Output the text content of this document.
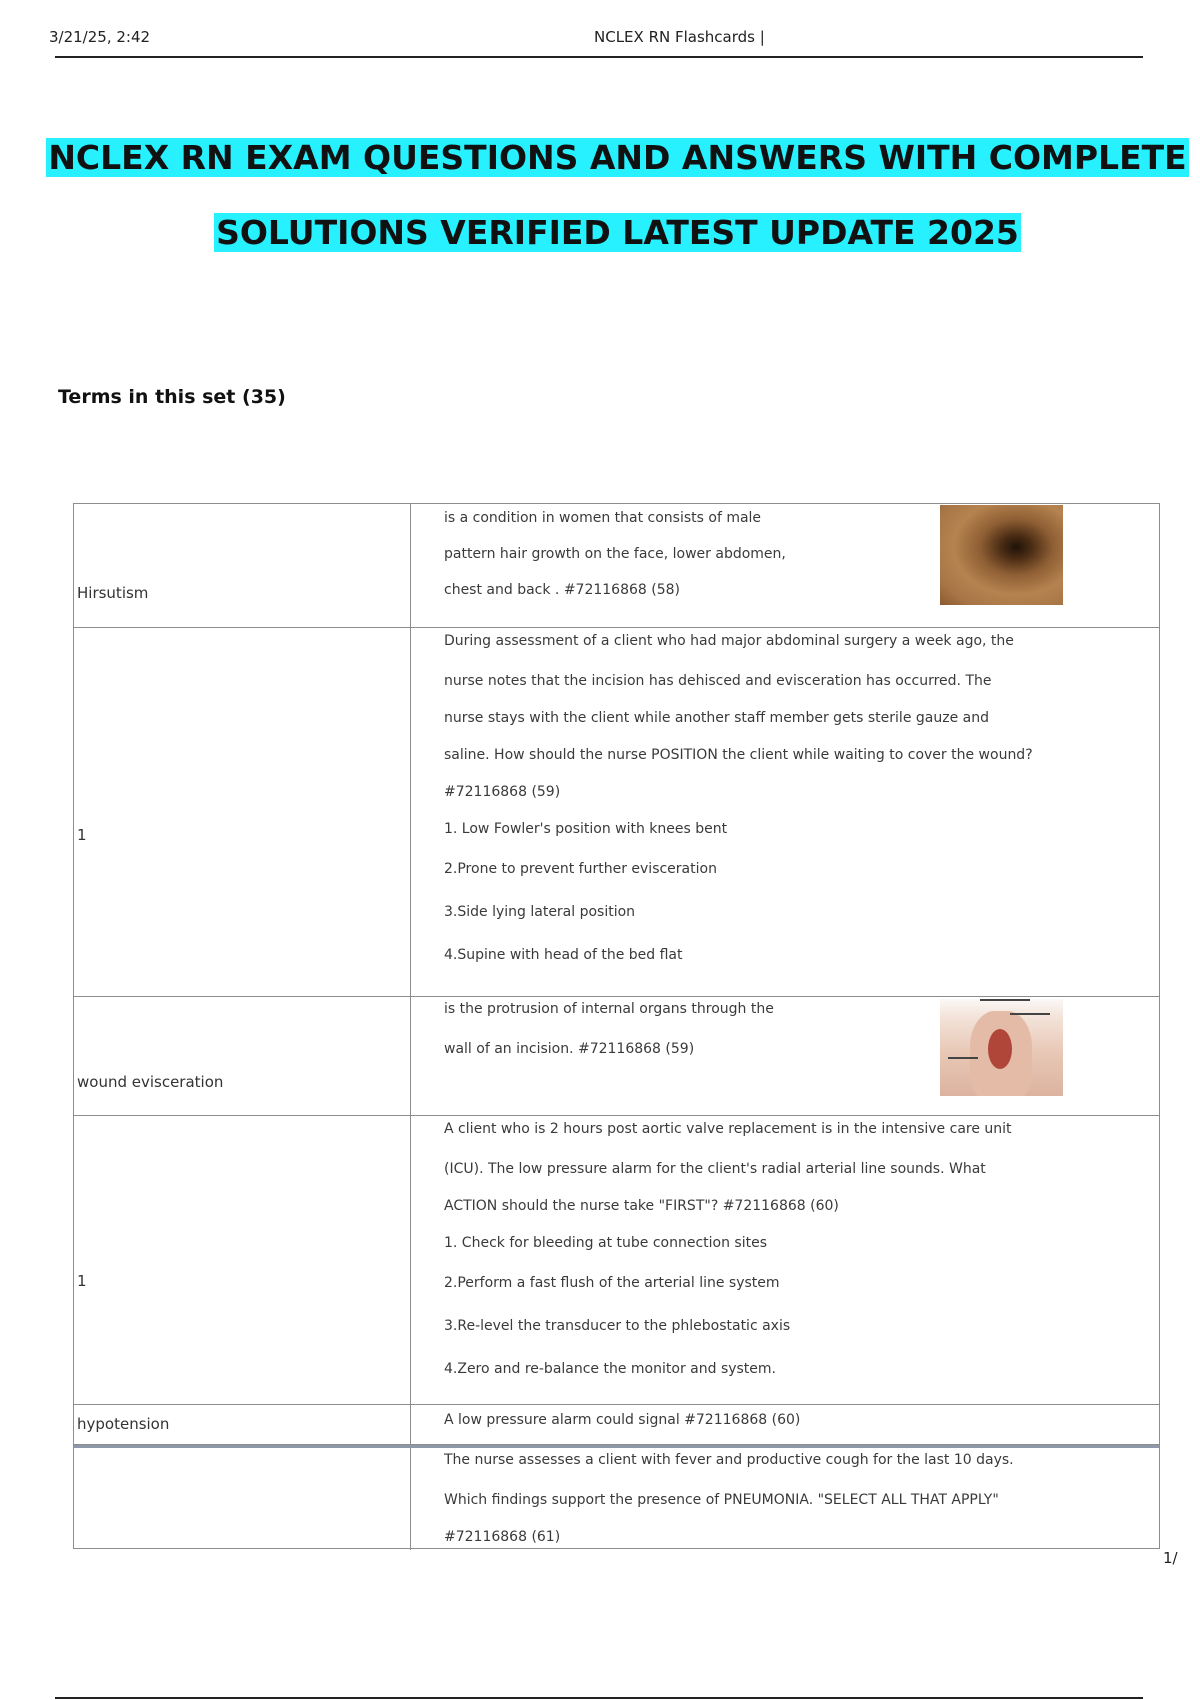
3/21/25, 2:42	NCLEX RN Flashcards |
NCLEX RN EXAM QUESTIONS AND ANSWERS WITH COMPLETE
SOLUTIONS VERIFIED LATEST UPDATE 2025
Terms in this set (35)
Hirsutism
is a condition in women that consists of male
pattern hair growth on the face, lower abdomen,
chest and back . #72116868 (58)
1
During assessment of a client who had major abdominal surgery a week ago, the
nurse notes that the incision has dehisced and evisceration has occurred. The
nurse stays with the client while another staff member gets sterile gauze and
saline. How should the nurse POSITION the client while waiting to cover the wound?
#72116868 (59)
1. Low Fowler's position with knees bent
2.Prone to prevent further evisceration
3.Side lying lateral position
4.Supine with head of the bed flat
wound evisceration
is the protrusion of internal organs through the
wall of an incision. #72116868 (59)
1
A client who is 2 hours post aortic valve replacement is in the intensive care unit
(ICU). The low pressure alarm for the client's radial arterial line sounds. What
ACTION should the nurse take "FIRST"? #72116868 (60)
1. Check for bleeding at tube connection sites
2.Perform a fast flush of the arterial line system
3.Re-level the transducer to the phlebostatic axis
4.Zero and re-balance the monitor and system.
hypotension	A low pressure alarm could signal #72116868 (60)
The nurse assesses a client with fever and productive cough for the last 10 days.
Which findings support the presence of PNEUMONIA. "SELECT ALL THAT APPLY"
#72116868 (61)
1/
